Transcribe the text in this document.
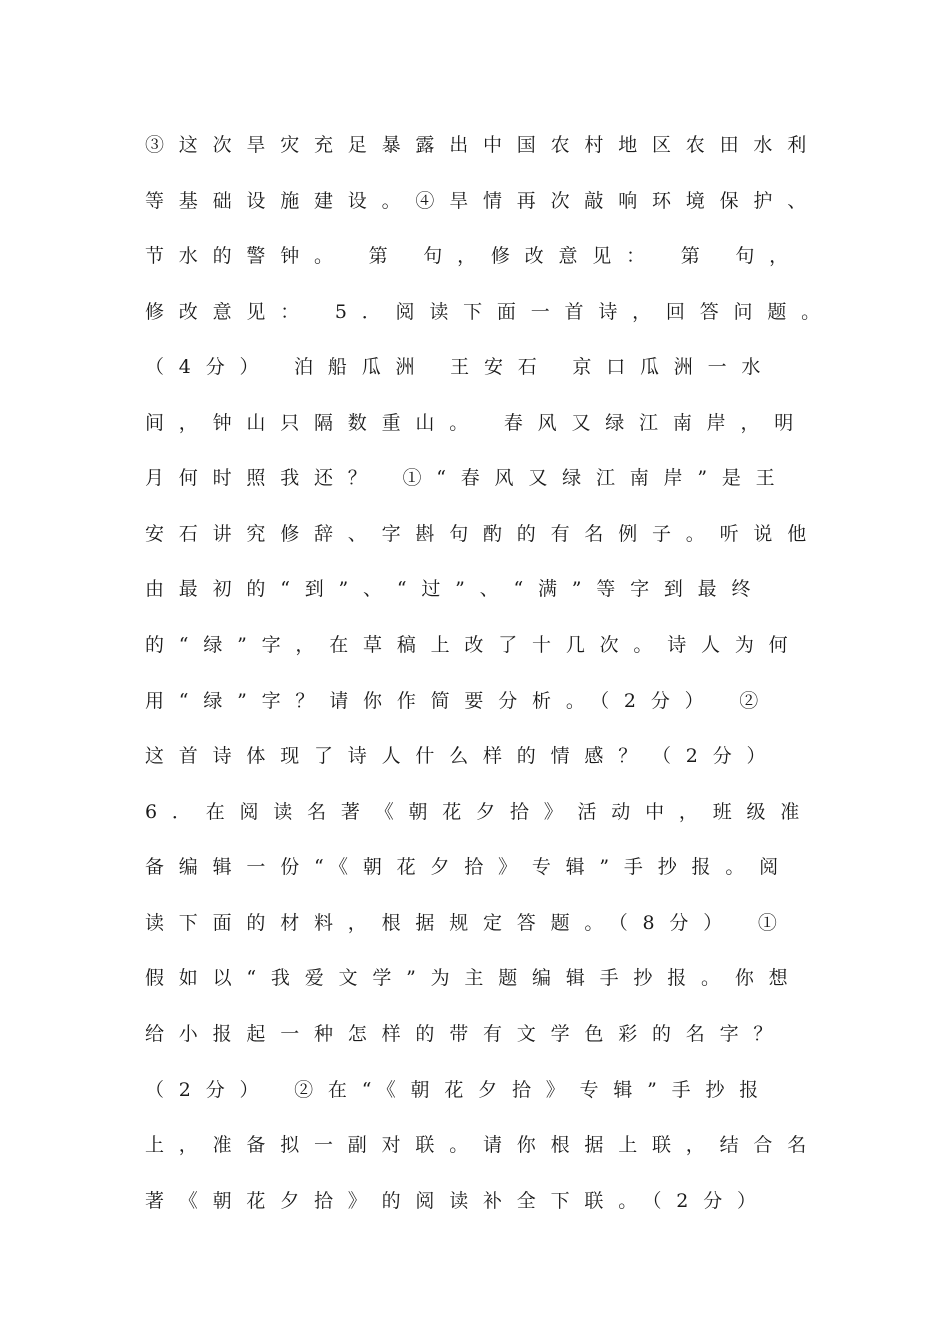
③这次旱灾充足暴露出中国农村地区农田水利
等基础设施建设。④旱情再次敲响环境保护、
节水的警钟。 第 句，修改意见： 第 句，
修改意见： 5．阅读下面一首诗，回答问题。
（4分） 泊船瓜洲 王安石 京口瓜洲一水
间，钟山只隔数重山。 春风又绿江南岸，明
月何时照我还？ ①“春风又绿江南岸”是王
安石讲究修辞、字斟句酌的有名例子。听说他
由最初的“到”、“过”、“满”等字到最终
的“绿”字，在草稿上改了十几次。诗人为何
用“绿”字？请你作简要分析。（2分） ②
这首诗体现了诗人什么样的情感？（2分）
6．在阅读名著《朝花夕拾》活动中，班级准
备编辑一份“《朝花夕拾》专辑”手抄报。阅
读下面的材料，根据规定答题。（8分） ①
假如以“我爱文学”为主题编辑手抄报。你想
给小报起一种怎样的带有文学色彩的名字？
（2分） ②在“《朝花夕拾》专辑”手抄报
上，准备拟一副对联。请你根据上联，结合名
著《朝花夕拾》的阅读补全下联。（2分）
